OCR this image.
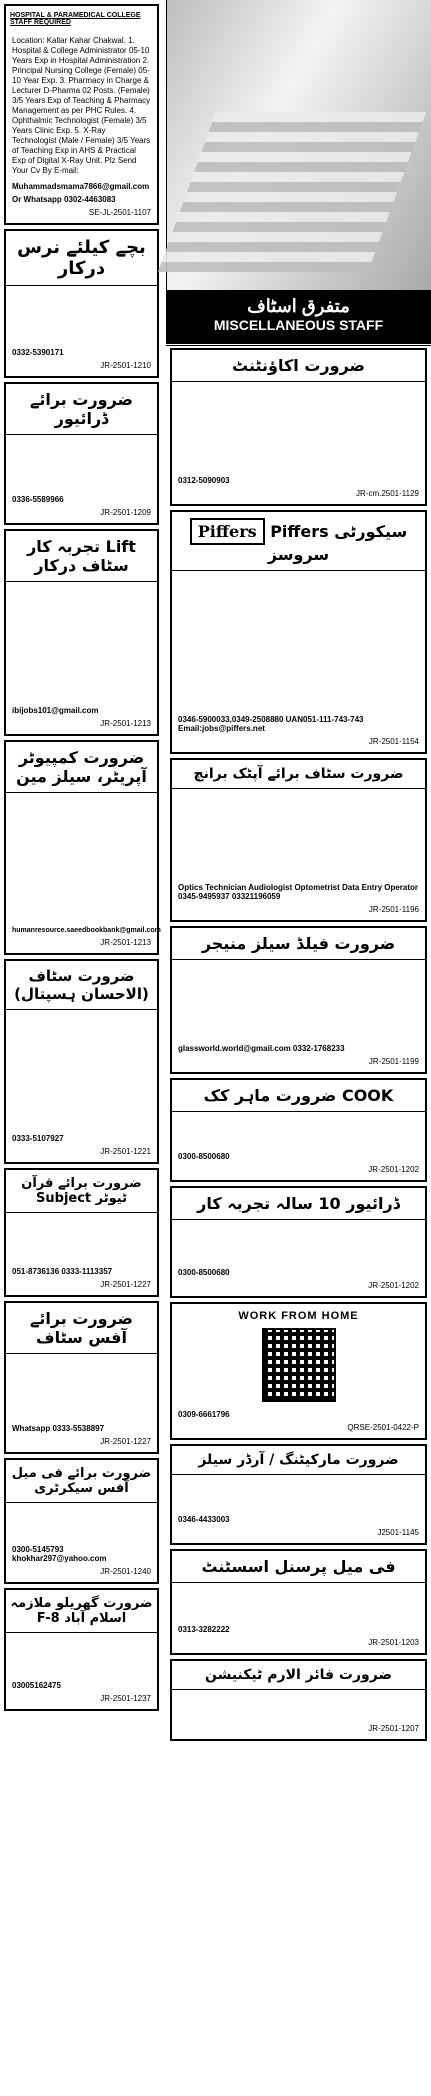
HOSPITAL & PARAMEDICAL COLLEGE STAFF REQUIRED
Location: Kallar Kahar Chakwal. 1. Hospital & College Administrator 05-10 Years Exp in Hospital Administration 2. Principal Nursing College (Female) 05-10 Year Exp. 3. Pharmacy in Charge & Lecturer D-Pharma 02 Posts. (Female) 3/5 Years Exp of Teaching & Pharmacy Management as per PHC Rules. 4. Ophthalmic Technologist (Female) 3/5 Years Clinic Exp. 5. X-Ray Technologist (Male / Female) 3/5 Years of Teaching Exp in AHS & Practical Exp of Digital X-Ray Unit. Plz Send Your Cv By E-mail:
Muhammadsmama7866@gmail.com
Or Whatsapp 0302-4463083
SE-JL-2501-1107
بچے کیلئے نرس درکار
0332-5390171
JR-2501-1210
ضرورت برائے ڈرائیور
0336-5589966
JR-2501-1209
تجربہ کار Lift سٹاف درکار
ibijobs101@gmail.com
JR-2501-1213
ضرورت کمپیوٹر آپریٹر، سیلز مین
humanresource.saeedbookbank@gmail.com
JR-2501-1213
ضرورت سٹاف (الاحسان ہسپتال)
0333-5107927
JR-2501-1221
ضرورت برائے قرآن Subject ٹیوٹر
051-8736136 0333-1113357
JR-2501-1227
ضرورت برائے آفس سٹاف
Whatsapp 0333-5538897
JR-2501-1227
ضرورت برائے فی میل آفس سیکرٹری
0300-5145793 khokhar297@yahoo.com
JR-2501-1240
ضرورت گھریلو ملازمہ F-8 اسلام آباد
03005162475
JR-2501-1237
متفرق اسٹاف
MISCELLANEOUS STAFF
ضرورت اکاؤنٹنٹ
0312-5090903
JR-cm.2501-1129
Piffers Piffers سیکورٹی سروسز
0346-5900033,0349-2508880 UAN051-111-743-743 Email:jobs@piffers.net
JR-2501-1154
ضرورت سٹاف برائے آپٹک برانچ
Optics Technician Audiologist Optometrist Data Entry Operator 0345-9495937 03321196059
JR-2501-1196
ضرورت فیلڈ سیلز منیجر
glassworld.world@gmail.com 0332-1768233
JR-2501-1199
ضرورت ماہر کک COOK
0300-8500680
JR-2501-1202
ڈرائیور 10 سالہ تجربہ کار
0300-8500680
JR-2501-1202
WORK FROM HOME
0309-6661796
QRSE-2501-0422-P
ضرورت مارکیٹنگ / آرڈر سیلز
0346-4433003
J2501-1145
فی میل پرسنل اسسٹنٹ
0313-3282222
JR-2501-1203
ضرورت فائر الارم ٹیکنیشن
JR-2501-1207
